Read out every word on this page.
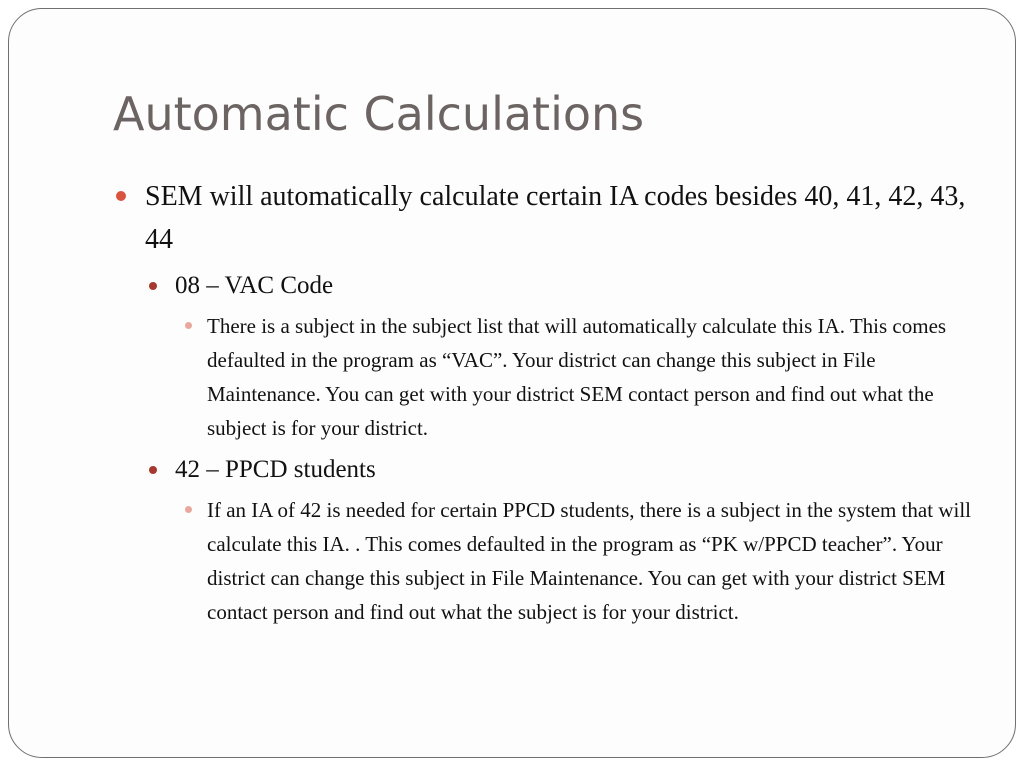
Automatic Calculations
SEM will automatically calculate certain IA codes besides 40, 41, 42, 43, 44
08 – VAC Code
There is a subject in the subject list that will automatically calculate this IA. This comes defaulted in the program as “VAC”. Your district can change this subject in File Maintenance. You can get with your district SEM contact person and find out what the subject is for your district.
42 – PPCD students
If an IA of 42 is needed for certain PPCD students, there is a subject in the system that will calculate this IA. . This comes defaulted in the program as “PK w/PPCD teacher”. Your district can change this subject in File Maintenance. You can get with your district SEM contact person and find out what the subject is for your district.
